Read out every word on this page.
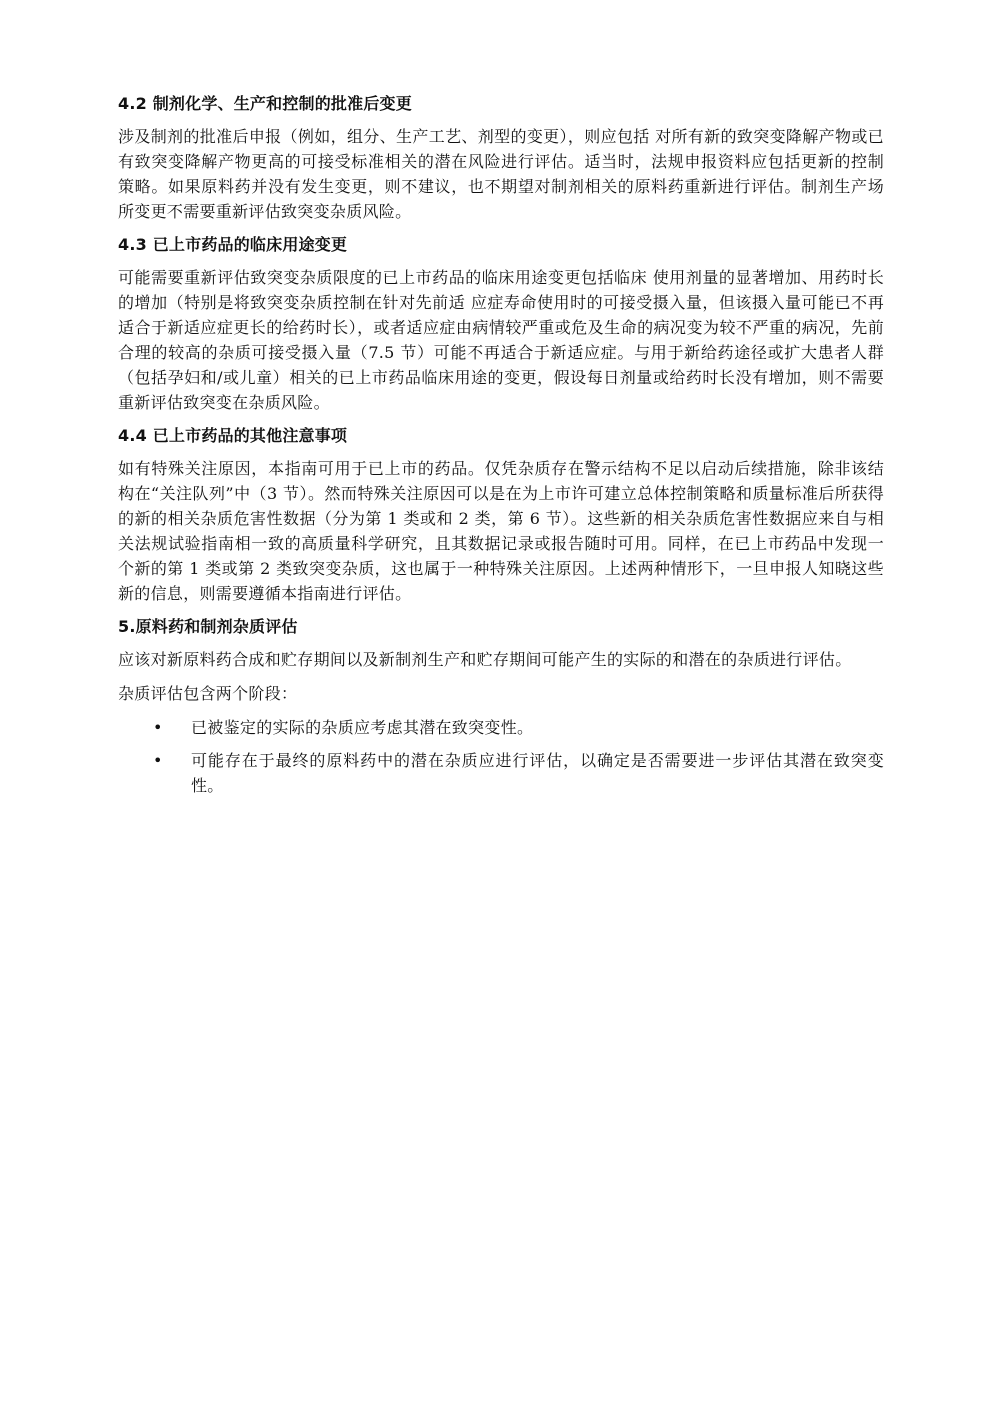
4.2 制剂化学、生产和控制的批准后变更

涉及制剂的批准后申报（例如，组分、生产工艺、剂型的变更），则应包括 对所有新的致突变降解产物或已有致突变降解产物更高的可接受标准相关的潜在风险进行评估。适当时，法规申报资料应包括更新的控制策略。如果原料药并没有发生变更，则不建议，也不期望对制剂相关的原料药重新进行评估。制剂生产场所变更不需要重新评估致突变杂质风险。

4.3 已上市药品的临床用途变更

可能需要重新评估致突变杂质限度的已上市药品的临床用途变更包括临床 使用剂量的显著增加、用药时长的增加（特别是将致突变杂质控制在针对先前适 应症寿命使用时的可接受摄入量，但该摄入量可能已不再适合于新适应症更长的给药时长），或者适应症由病情较严重或危及生命的病况变为较不严重的病况，先前合理的较高的杂质可接受摄入量（7.5 节）可能不再适合于新适应症。与用于新给药途径或扩大患者人群（包括孕妇和/或儿童）相关的已上市药品临床用途的变更，假设每日剂量或给药时长没有增加，则不需要重新评估致突变在杂质风险。

4.4 已上市药品的其他注意事项

如有特殊关注原因，本指南可用于已上市的药品。仅凭杂质存在警示结构不足以启动后续措施，除非该结构在“关注队列”中（3 节）。然而特殊关注原因可以是在为上市许可建立总体控制策略和质量标准后所获得的新的相关杂质危害性数据（分为第 1 类或和 2 类，第 6 节）。这些新的相关杂质危害性数据应来自与相关法规试验指南相一致的高质量科学研究，且其数据记录或报告随时可用。同样，在已上市药品中发现一个新的第 1 类或第 2 类致突变杂质，这也属于一种特殊关注原因。上述两种情形下，一旦申报人知晓这些新的信息，则需要遵循本指南进行评估。

5.原料药和制剂杂质评估

应该对新原料药合成和贮存期间以及新制剂生产和贮存期间可能产生的实际的和潜在的杂质进行评估。

杂质评估包含两个阶段：

• 已被鉴定的实际的杂质应考虑其潜在致突变性。
• 可能存在于最终的原料药中的潜在杂质应进行评估，以确定是否需要进一步评估其潜在致突变性。
